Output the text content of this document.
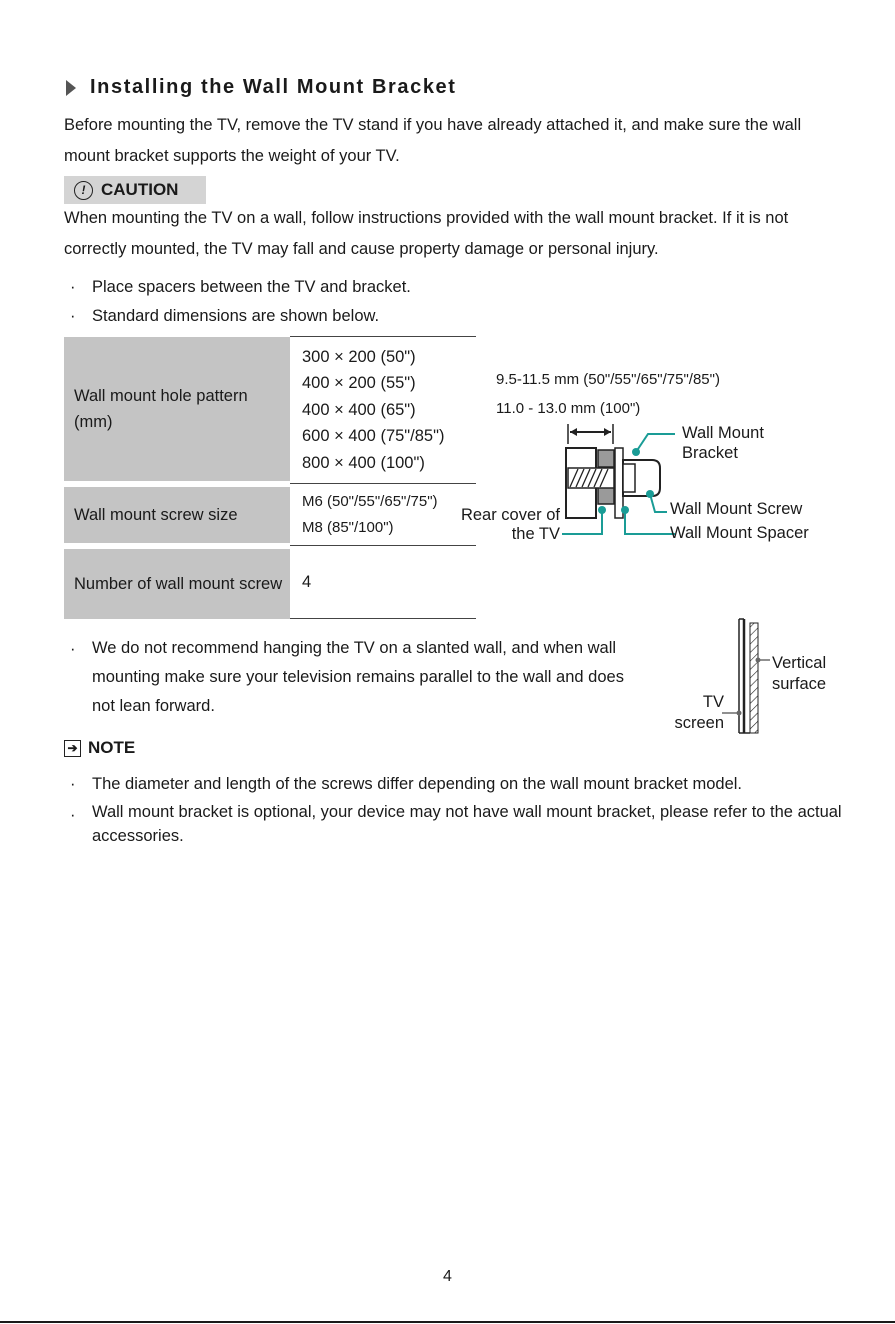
Installing the Wall Mount Bracket
Before mounting the TV, remove the TV stand if you have already attached it, and make sure the wall mount bracket supports the weight of your TV.
! CAUTION
When mounting the TV on a wall, follow instructions provided with the wall mount bracket. If it is not correctly mounted, the TV may fall and cause property damage or personal injury.
·	Place spacers between the TV and bracket.
·	Standard dimensions are shown below.
Wall mount hole pattern (mm)	300 × 200 (50")
400 × 200 (55")
400 × 400 (65")
600 × 400 (75"/85")
800 × 400 (100")

Wall mount screw size	M6 (50"/55"/65"/75")
M8 (85"/100")

Number of wall mount screw	4

9.5-11.5 mm (50"/55"/65"/75"/85")
11.0 - 13.0 mm (100")
Wall Mount Bracket
Wall Mount Screw
Wall Mount Spacer
Rear cover of the TV
·	We do not recommend hanging the TV on a slanted wall, and when wall mounting make sure your television remains parallel to the wall and does not lean forward.
Vertical surface
TV screen
➔ NOTE
·	The diameter and length of the screws differ depending on the wall mount bracket model.
·	Wall mount bracket is optional, your device may not have wall mount bracket, please refer to the actual accessories.
4
